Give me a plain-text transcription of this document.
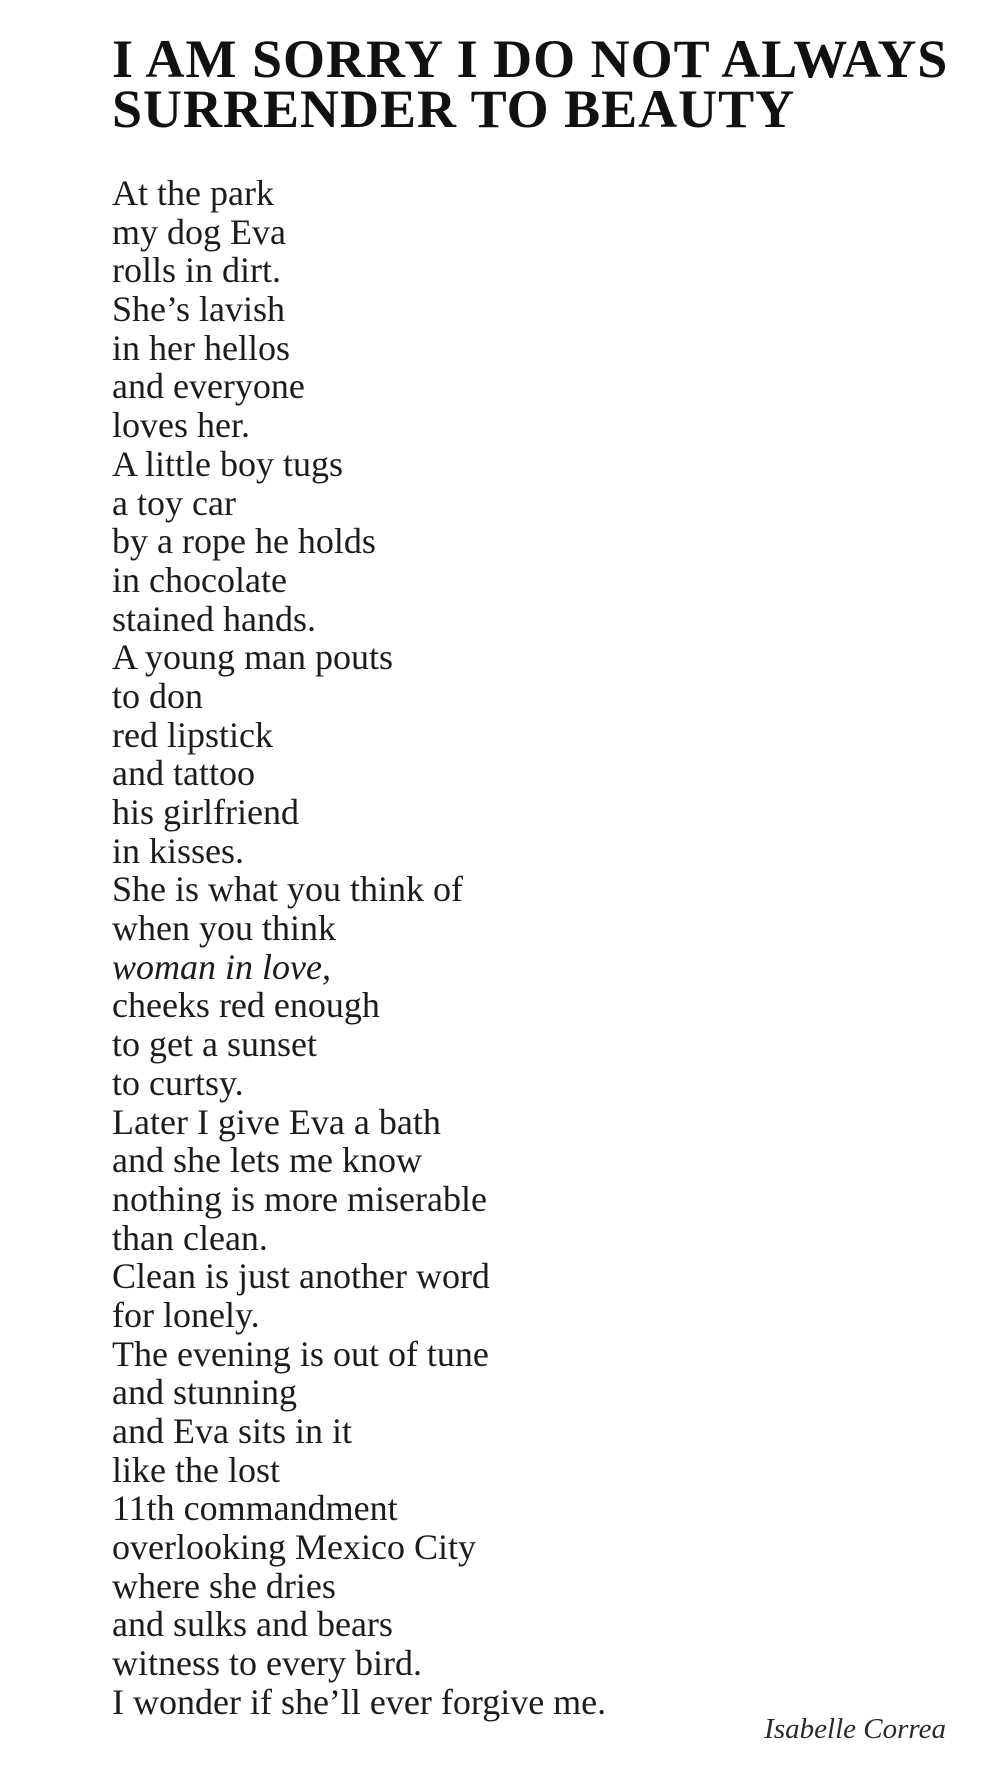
I AM SORRY I DO NOT ALWAYS
SURRENDER TO BEAUTY
At the park
my dog Eva
rolls in dirt.
She’s lavish
in her hellos
and everyone
loves her.
A little boy tugs
a toy car
by a rope he holds
in chocolate
stained hands.
A young man pouts
to don
red lipstick
and tattoo
his girlfriend
in kisses.
She is what you think of
when you think
woman in love,
cheeks red enough
to get a sunset
to curtsy.
Later I give Eva a bath
and she lets me know
nothing is more miserable
than clean.
Clean is just another word
for lonely.
The evening is out of tune
and stunning
and Eva sits in it
like the lost
11th commandment
overlooking Mexico City
where she dries
and sulks and bears
witness to every bird.
I wonder if she’ll ever forgive me.
Isabelle Correa
